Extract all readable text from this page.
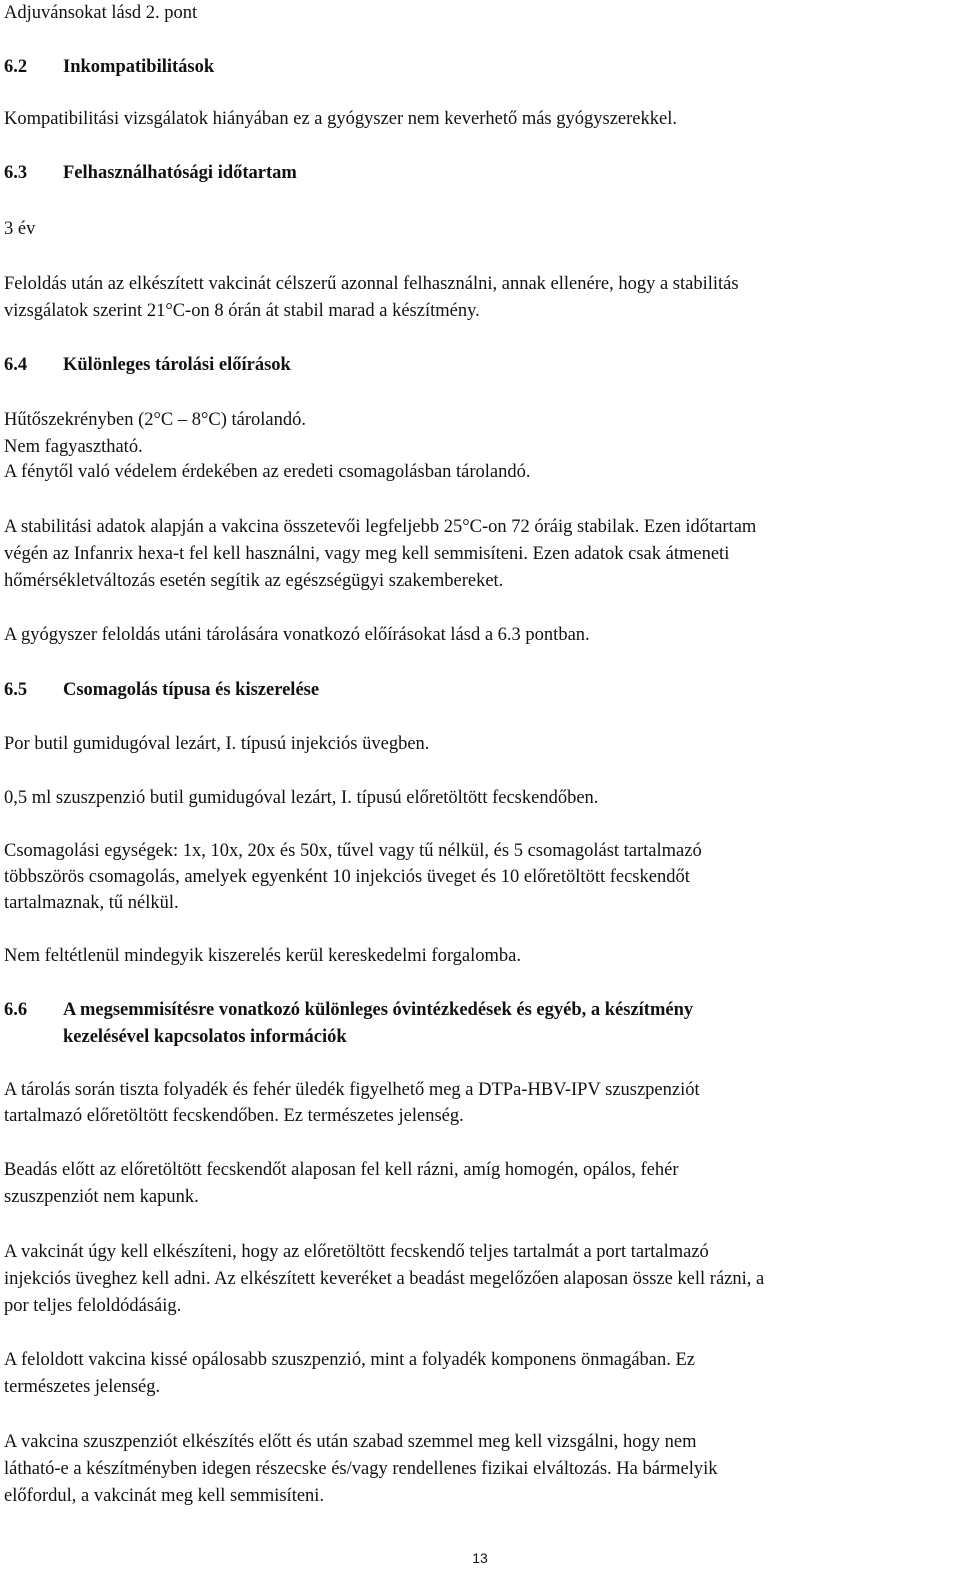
Adjuvánsokat lásd 2. pont
6.2 Inkompatibilitások
Kompatibilitási vizsgálatok hiányában ez a gyógyszer nem keverhető más gyógyszerekkel.
6.3 Felhasználhatósági időtartam
3 év
Feloldás után az elkészített vakcinát célszerű azonnal felhasználni, annak ellenére, hogy a stabilitás
vizsgálatok szerint 21°C-on 8 órán át stabil marad a készítmény.
6.4 Különleges tárolási előírások
Hűtőszekrényben (2°C – 8°C) tárolandó.
Nem fagyasztható.
A fénytől való védelem érdekében az eredeti csomagolásban tárolandó.
A stabilitási adatok alapján a vakcina összetevői legfeljebb 25°C-on 72 óráig stabilak. Ezen időtartam
végén az Infanrix hexa-t fel kell használni, vagy meg kell semmisíteni. Ezen adatok csak átmeneti
hőmérsékletváltozás esetén segítik az egészségügyi szakembereket.
A gyógyszer feloldás utáni tárolására vonatkozó előírásokat lásd a 6.3 pontban.
6.5 Csomagolás típusa és kiszerelése
Por butil gumidugóval lezárt, I. típusú injekciós üvegben.
0,5 ml szuszpenzió butil gumidugóval lezárt, I. típusú előretöltött fecskendőben.
Csomagolási egységek: 1x, 10x, 20x és 50x, tűvel vagy tű nélkül, és 5 csomagolást tartalmazó
többszörös csomagolás, amelyek egyenként 10 injekciós üveget és 10 előretöltött fecskendőt
tartalmaznak, tű nélkül.
Nem feltétlenül mindegyik kiszerelés kerül kereskedelmi forgalomba.
6.6 A megsemmisítésre vonatkozó különleges óvintézkedések és egyéb, a készítmény
kezelésével kapcsolatos információk
A tárolás során tiszta folyadék és fehér üledék figyelhető meg a DTPa-HBV-IPV szuszpenziót
tartalmazó előretöltött fecskendőben. Ez természetes jelenség.
Beadás előtt az előretöltött fecskendőt alaposan fel kell rázni, amíg homogén, opálos, fehér
szuszpenziót nem kapunk.
A vakcinát úgy kell elkészíteni, hogy az előretöltött fecskendő teljes tartalmát a port tartalmazó
injekciós üveghez kell adni. Az elkészített keveréket a beadást megelőzően alaposan össze kell rázni, a
por teljes feloldódásáig.
A feloldott vakcina kissé opálosabb szuszpenzió, mint a folyadék komponens önmagában. Ez
természetes jelenség.
A vakcina szuszpenziót elkészítés előtt és után szabad szemmel meg kell vizsgálni, hogy nem
látható-e a készítményben idegen részecske és/vagy rendellenes fizikai elváltozás. Ha bármelyik
előfordul, a vakcinát meg kell semmisíteni.
13
